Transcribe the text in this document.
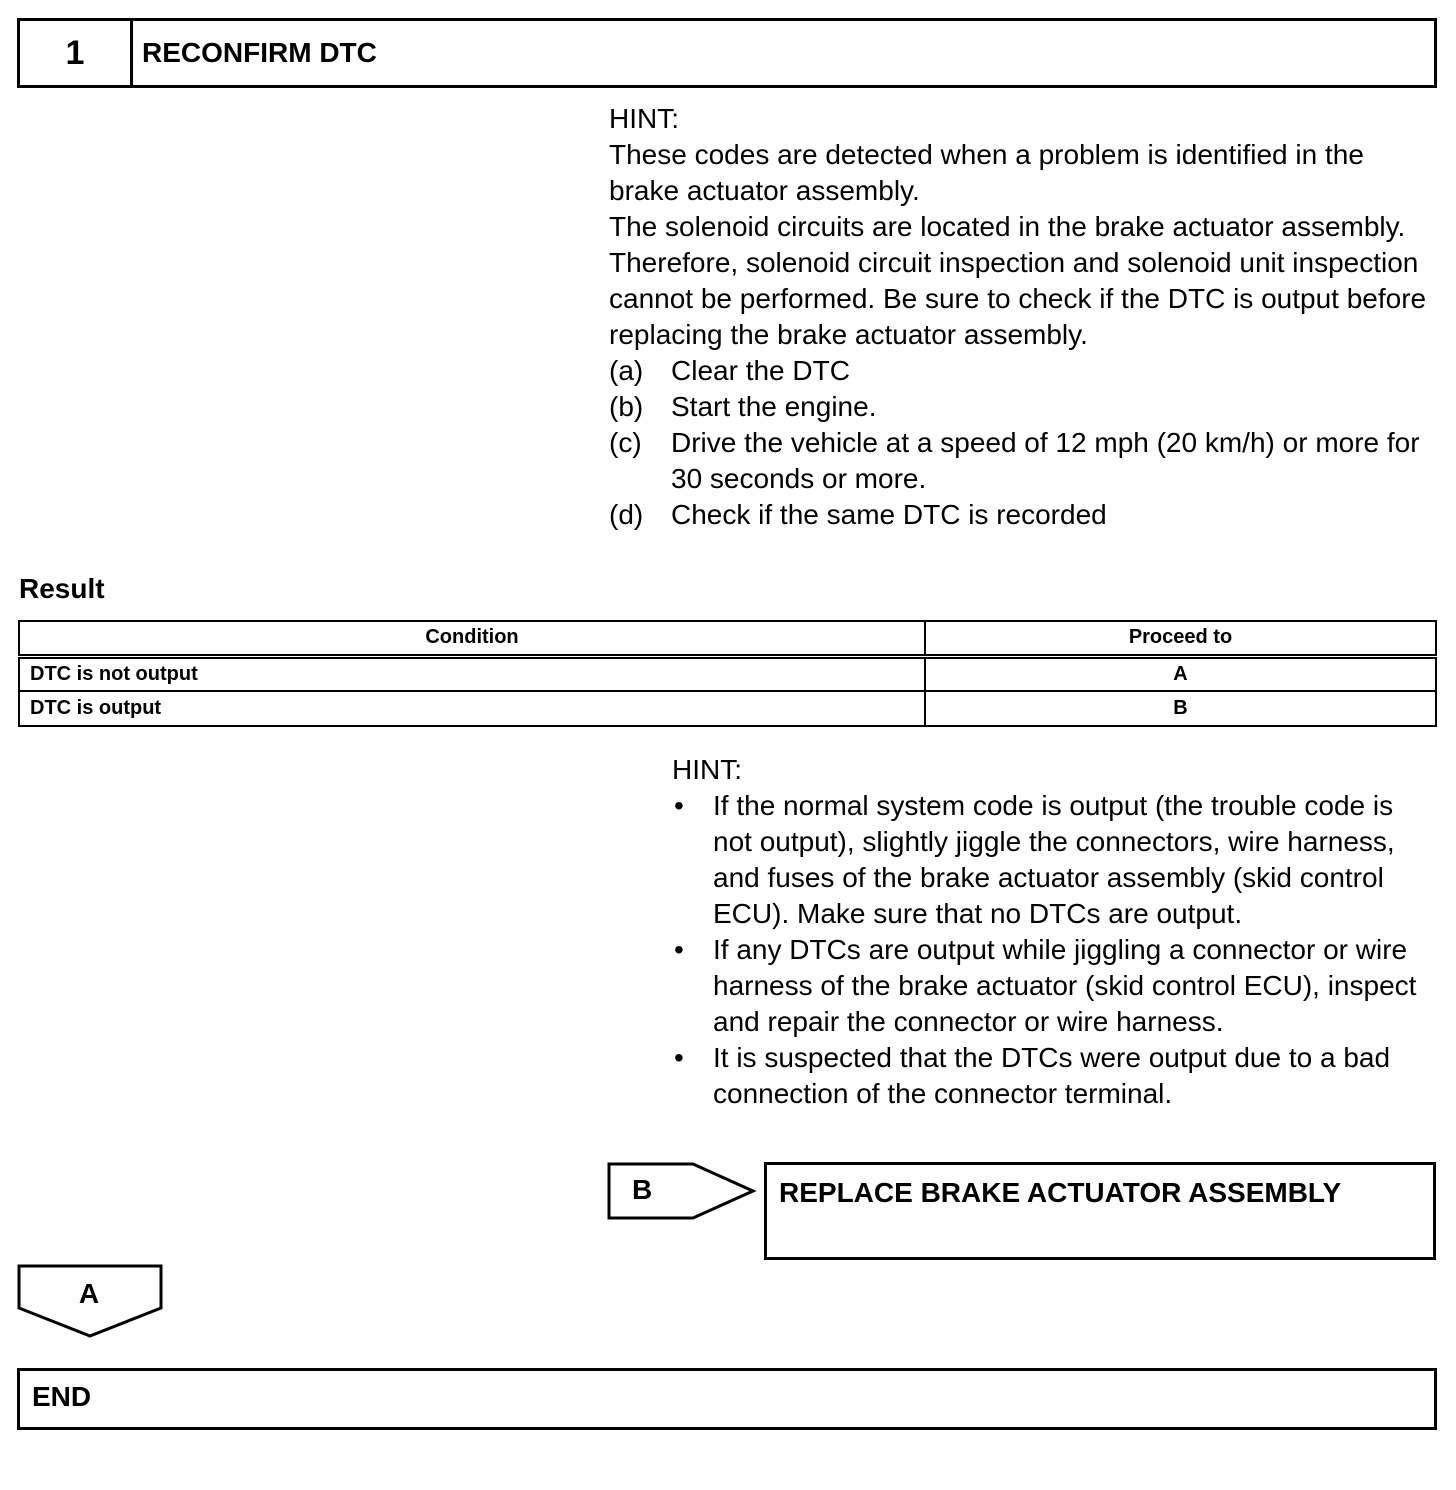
1	RECONFIRM DTC

HINT:

These codes are detected when a problem is identified in the brake actuator assembly.

The solenoid circuits are located in the brake actuator assembly.

Therefore, solenoid circuit inspection and solenoid unit inspection cannot be performed. Be sure to check if the DTC is output before replacing the brake actuator assembly.

(a) Clear the DTC
(b) Start the engine.
(c)	Drive the vehicle at a speed of 12 mph (20 km/h) or more for 30 seconds or more.
(d) Check if the same DTC is recorded
Result
Condition	Proceed to
DTC is not output	A
DTC is output	B

HINT:

•	If the normal system code is output (the trouble code is not output), slightly jiggle the connectors, wire harness, and fuses of the brake actuator assembly (skid control ECU). Make sure that no DTCs are output.
•	If any DTCs are output while jiggling a connector or wire harness of the brake actuator (skid control ECU), inspect and repair the connector or wire harness.
•	It is suspected that the DTCs were output due to a bad connection of the connector terminal.
B	REPLACE BRAKE ACTUATOR ASSEMBLY
A
END
